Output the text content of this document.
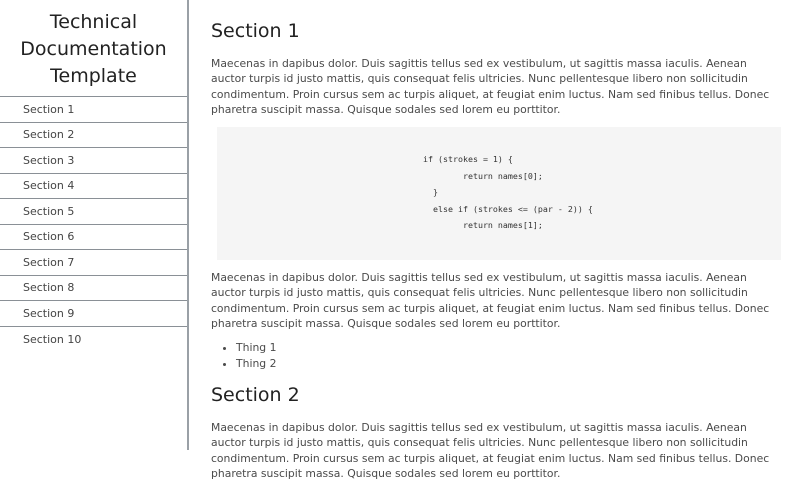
Technical
Documentation
Template
Section 1
Section 2
Section 3
Section 4
Section 5
Section 6
Section 7
Section 8
Section 9
Section 10
Section 1

Maecenas in dapibus dolor. Duis sagittis tellus sed ex vestibulum, ut sagittis massa iaculis. Aenean auctor turpis id justo mattis, quis consequat felis ultricies. Nunc pellentesque libero non sollicitudin condimentum. Proin cursus sem ac turpis aliquet, at feugiat enim luctus. Nam sed finibus tellus. Donec pharetra suscipit massa. Quisque sodales sed lorem eu porttitor.

if (strokes = 1) {
return names[0];
}
else if (strokes <= (par - 2)) {
return names[1];

Maecenas in dapibus dolor. Duis sagittis tellus sed ex vestibulum, ut sagittis massa iaculis. Aenean auctor turpis id justo mattis, quis consequat felis ultricies. Nunc pellentesque libero non sollicitudin condimentum. Proin cursus sem ac turpis aliquet, at feugiat enim luctus. Nam sed finibus tellus. Donec pharetra suscipit massa. Quisque sodales sed lorem eu porttitor.

• Thing 1
• Thing 2
Section 2

Maecenas in dapibus dolor. Duis sagittis tellus sed ex vestibulum, ut sagittis massa iaculis. Aenean auctor turpis id justo mattis, quis consequat felis ultricies. Nunc pellentesque libero non sollicitudin condimentum. Proin cursus sem ac turpis aliquet, at feugiat enim luctus. Nam sed finibus tellus. Donec pharetra suscipit massa. Quisque sodales sed lorem eu porttitor.
